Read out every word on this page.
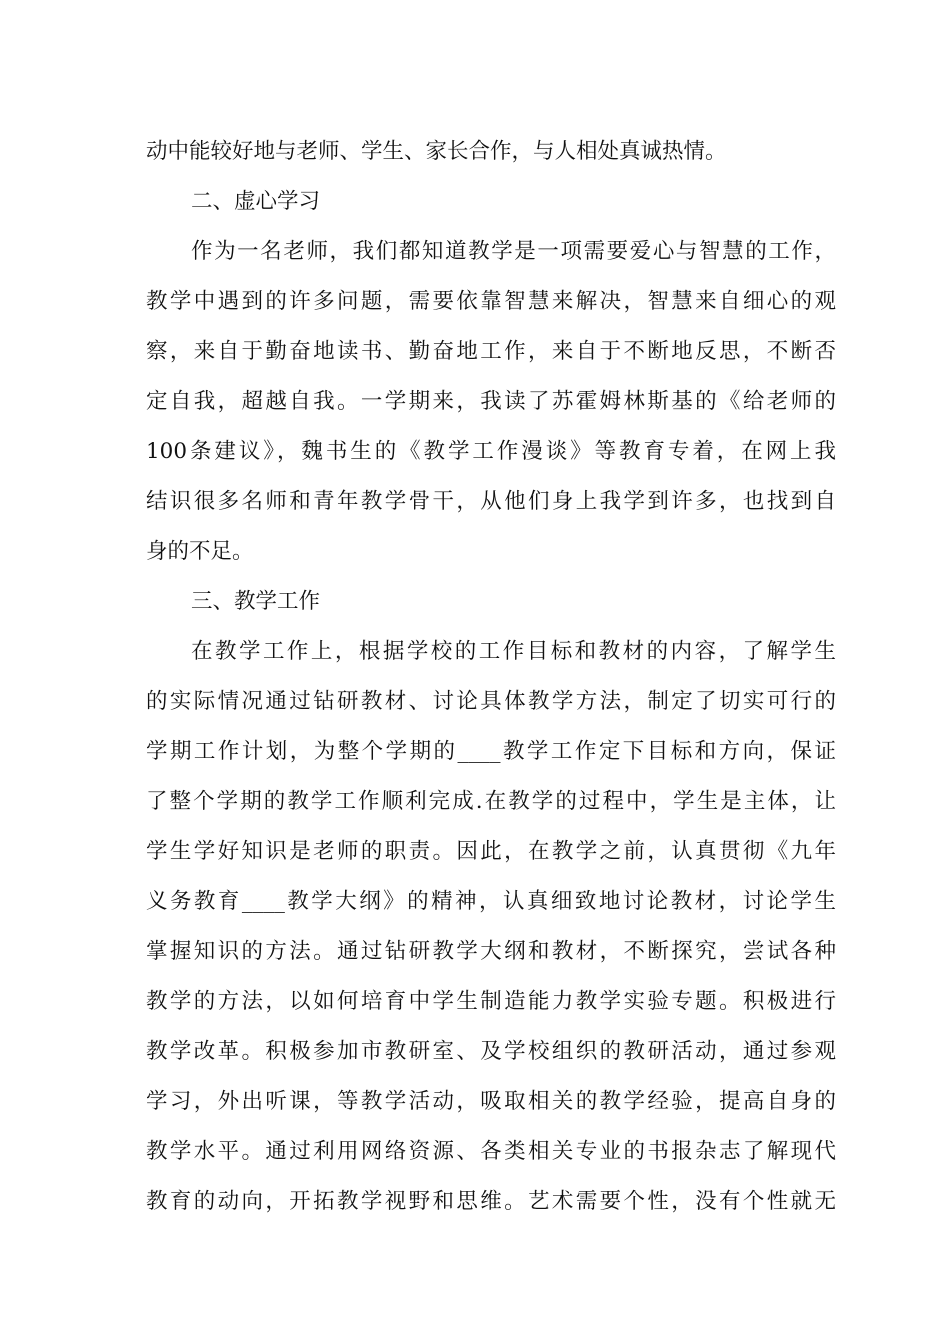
动中能较好地与老师、学生、家长合作，与人相处真诚热情。

二、虚心学习

作为一名老师，我们都知道教学是一项需要爱心与智慧的工作，

教学中遇到的许多问题，需要依靠智慧来解决，智慧来自细心的观

察，来自于勤奋地读书、勤奋地工作，来自于不断地反思，不断否

定自我，超越自我。一学期来，我读了苏霍姆林斯基的《给老师的

100条建议》，魏书生的《教学工作漫谈》等教育专着，在网上我

结识很多名师和青年教学骨干，从他们身上我学到许多，也找到自

身的不足。

三、教学工作

在教学工作上，根据学校的工作目标和教材的内容，了解学生

的实际情况通过钻研教材、讨论具体教学方法，制定了切实可行的

学期工作计划，为整个学期的____教学工作定下目标和方向，保证

了整个学期的教学工作顺利完成.在教学的过程中，学生是主体，让

学生学好知识是老师的职责。因此，在教学之前，认真贯彻《九年

义务教育____教学大纲》的精神，认真细致地讨论教材，讨论学生

掌握知识的方法。通过钻研教学大纲和教材，不断探究，尝试各种

教学的方法，以如何培育中学生制造能力教学实验专题。积极进行

教学改革。积极参加市教研室、及学校组织的教研活动，通过参观

学习，外出听课，等教学活动，吸取相关的教学经验，提高自身的

教学水平。通过利用网络资源、各类相关专业的书报杂志了解现代

教育的动向，开拓教学视野和思维。艺术需要个性，没有个性就无
